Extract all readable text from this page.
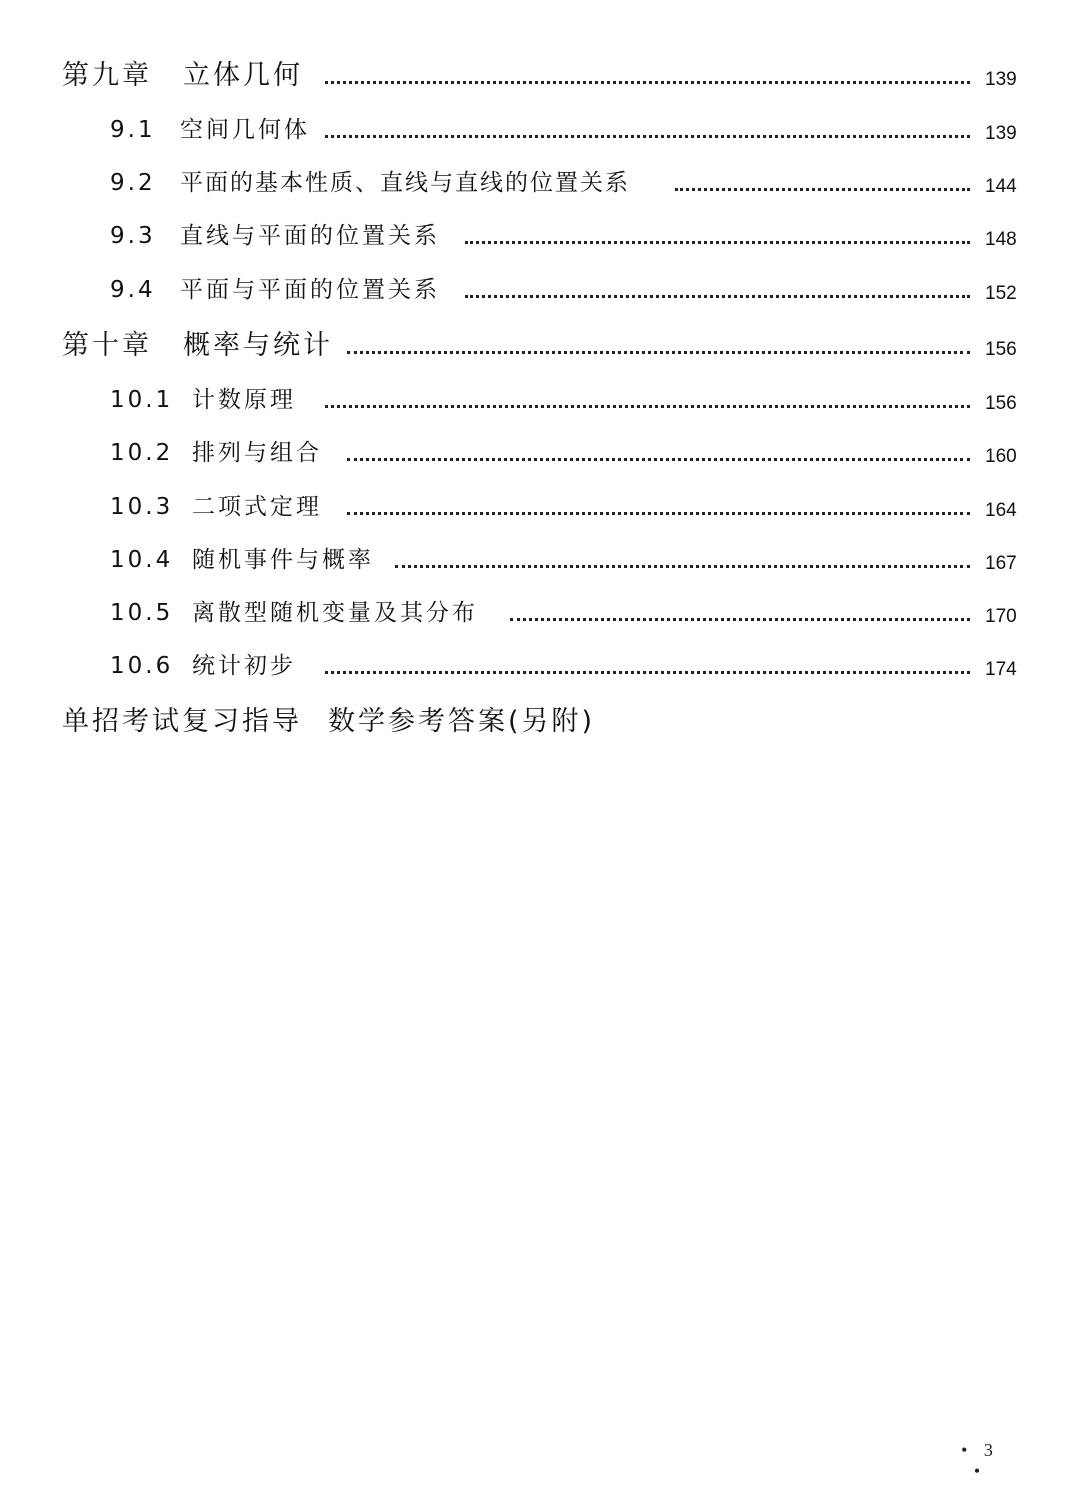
第九章 立体几何	139
9.1 空间几何体	139
9.2 平面的基本性质、直线与直线的位置关系	144
9.3 直线与平面的位置关系	148
9.4 平面与平面的位置关系	152
第十章 概率与统计	156
10.1 计数原理	156
10.2 排列与组合	160
10.3 二项式定理	164
10.4 随机事件与概率	167
10.5 离散型随机变量及其分布	170
10.6 统计初步	174
单招考试复习指导 数学参考答案(另附)
• 3 •
